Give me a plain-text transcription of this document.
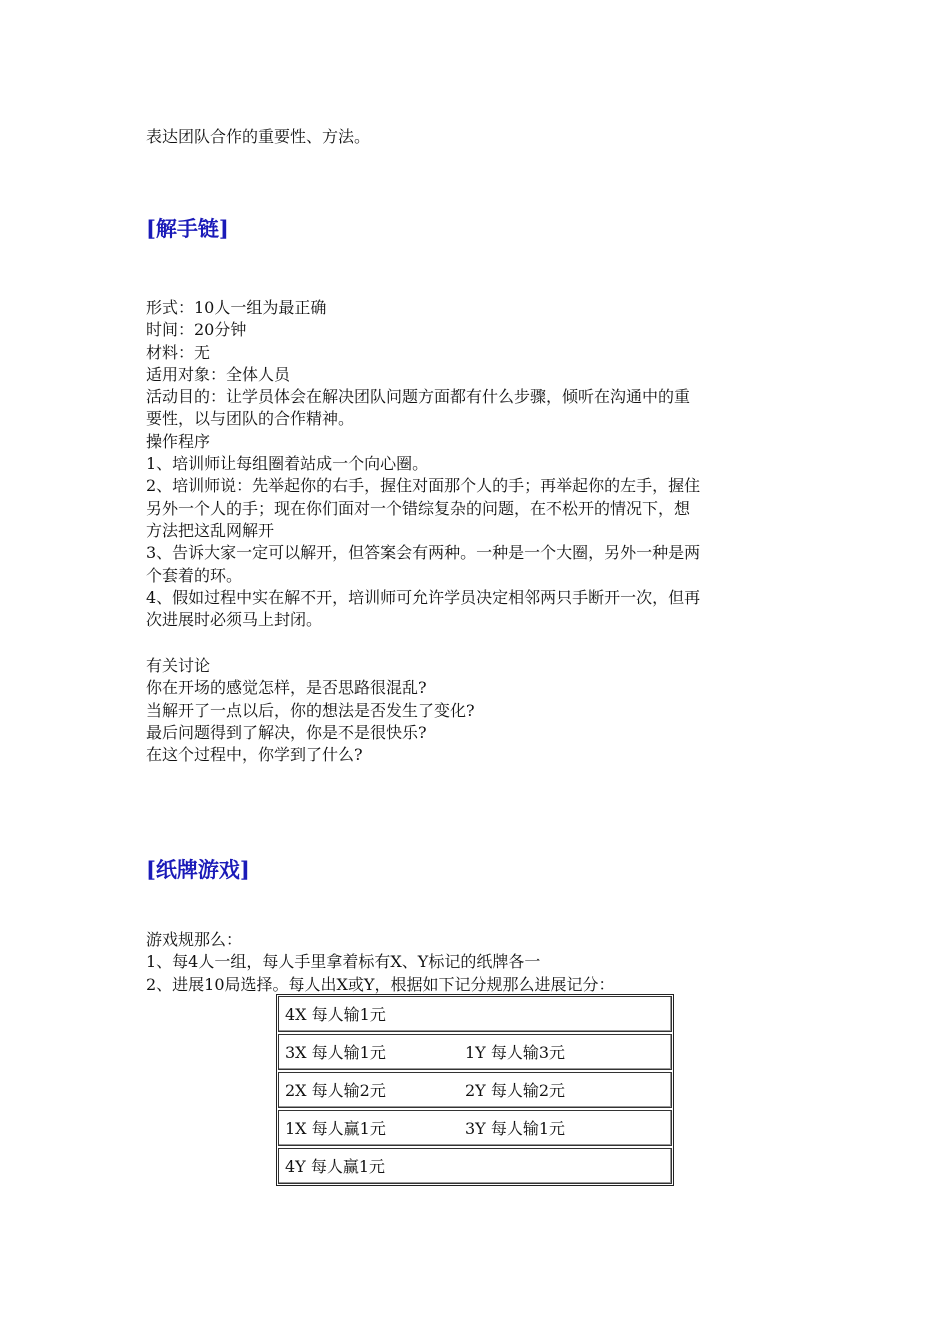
表达团队合作的重要性、方法。
[解手链]
形式：10人一组为最正确
时间：20分钟
材料：无
适用对象：全体人员
活动目的：让学员体会在解决团队问题方面都有什么步骤，倾听在沟通中的重
要性，以与团队的合作精神。
操作程序
1、培训师让每组圈着站成一个向心圈。
2、培训师说：先举起你的右手，握住对面那个人的手；再举起你的左手，握住
另外一个人的手；现在你们面对一个错综复杂的问题，在不松开的情况下，想
方法把这乱网解开
3、告诉大家一定可以解开，但答案会有两种。一种是一个大圈，另外一种是两
个套着的环。
4、假如过程中实在解不开，培训师可允许学员决定相邻两只手断开一次，但再
次进展时必须马上封闭。
有关讨论
你在开场的感觉怎样，是否思路很混乱?
当解开了一点以后，你的想法是否发生了变化?
最后问题得到了解决，你是不是很快乐?
在这个过程中，你学到了什么?
[纸牌游戏]
游戏规那么：
1、每4人一组，每人手里拿着标有X、Y标记的纸牌各一
2、进展10局选择。每人出X或Y，根据如下记分规那么进展记分：
4X 每人输1元
3X 每人输1元	1Y 每人输3元
2X 每人输2元	2Y 每人输2元
1X 每人赢1元	3Y 每人输1元
4Y 每人赢1元
